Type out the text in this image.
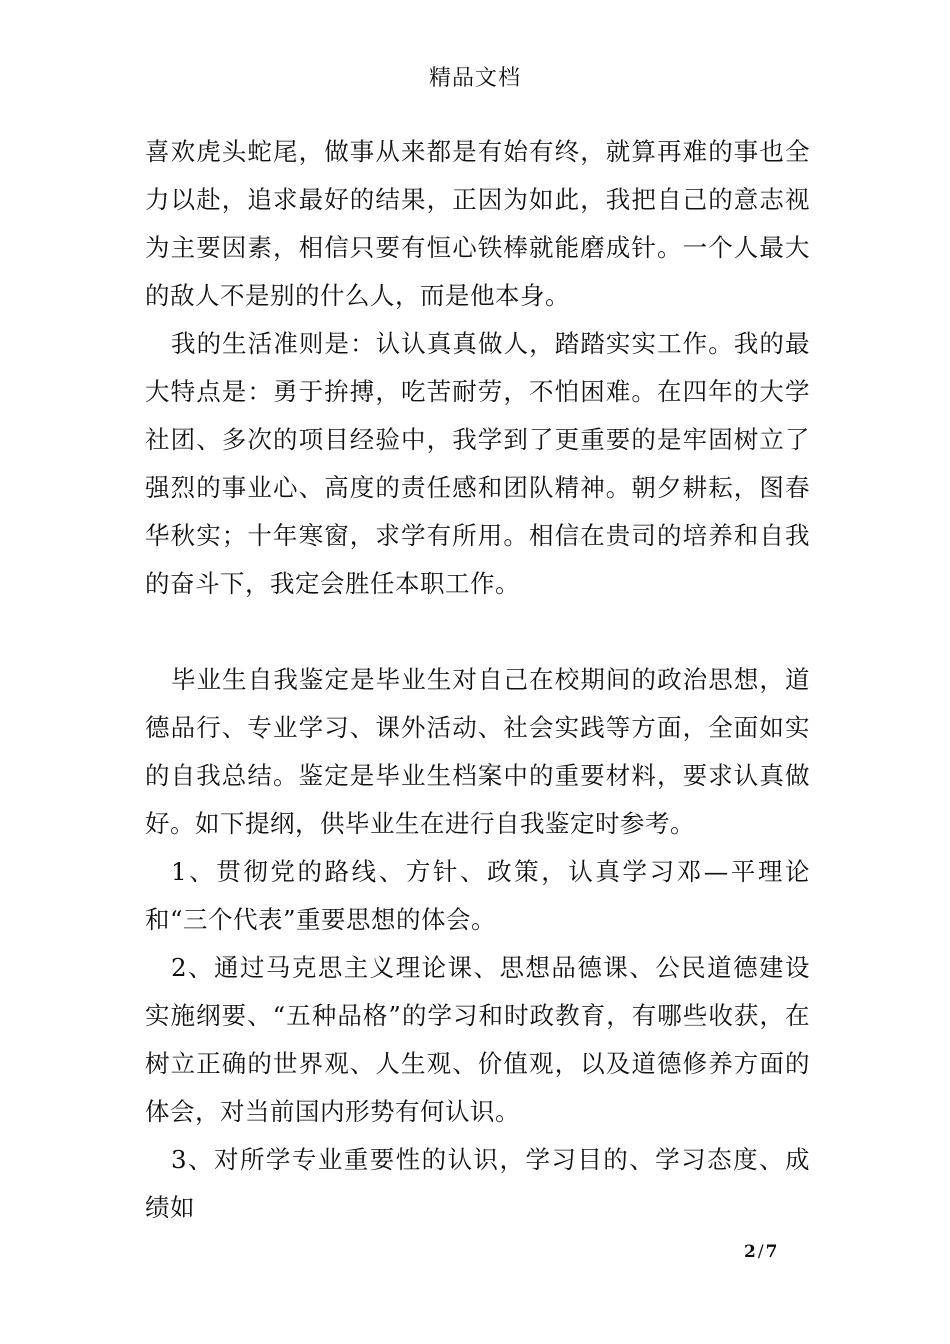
精品文档

喜欢虎头蛇尾，做事从来都是有始有终，就算再难的事也全力以赴，追求最好的结果，正因为如此，我把自己的意志视为主要因素，相信只要有恒心铁棒就能磨成针。一个人最大的敌人不是别的什么人，而是他本身。

我的生活准则是：认认真真做人，踏踏实实工作。我的最大特点是：勇于拚搏，吃苦耐劳，不怕困难。在四年的大学社团、多次的项目经验中，我学到了更重要的是牢固树立了强烈的事业心、高度的责任感和团队精神。朝夕耕耘，图春华秋实；十年寒窗，求学有所用。相信在贵司的培养和自我的奋斗下，我定会胜任本职工作。

毕业生自我鉴定是毕业生对自己在校期间的政治思想，道德品行、专业学习、课外活动、社会实践等方面，全面如实的自我总结。鉴定是毕业生档案中的重要材料，要求认真做好。如下提纲，供毕业生在进行自我鉴定时参考。

1、贯彻党的路线、方针、政策，认真学习邓—平理论和“三个代表”重要思想的体会。

2、通过马克思主义理论课、思想品德课、公民道德建设实施纲要、“五种品格”的学习和时政教育，有哪些收获，在树立正确的世界观、人生观、价值观，以及道德修养方面的体会，对当前国内形势有何认识。

3、对所学专业重要性的认识，学习目的、学习态度、成绩如

2 / 7
